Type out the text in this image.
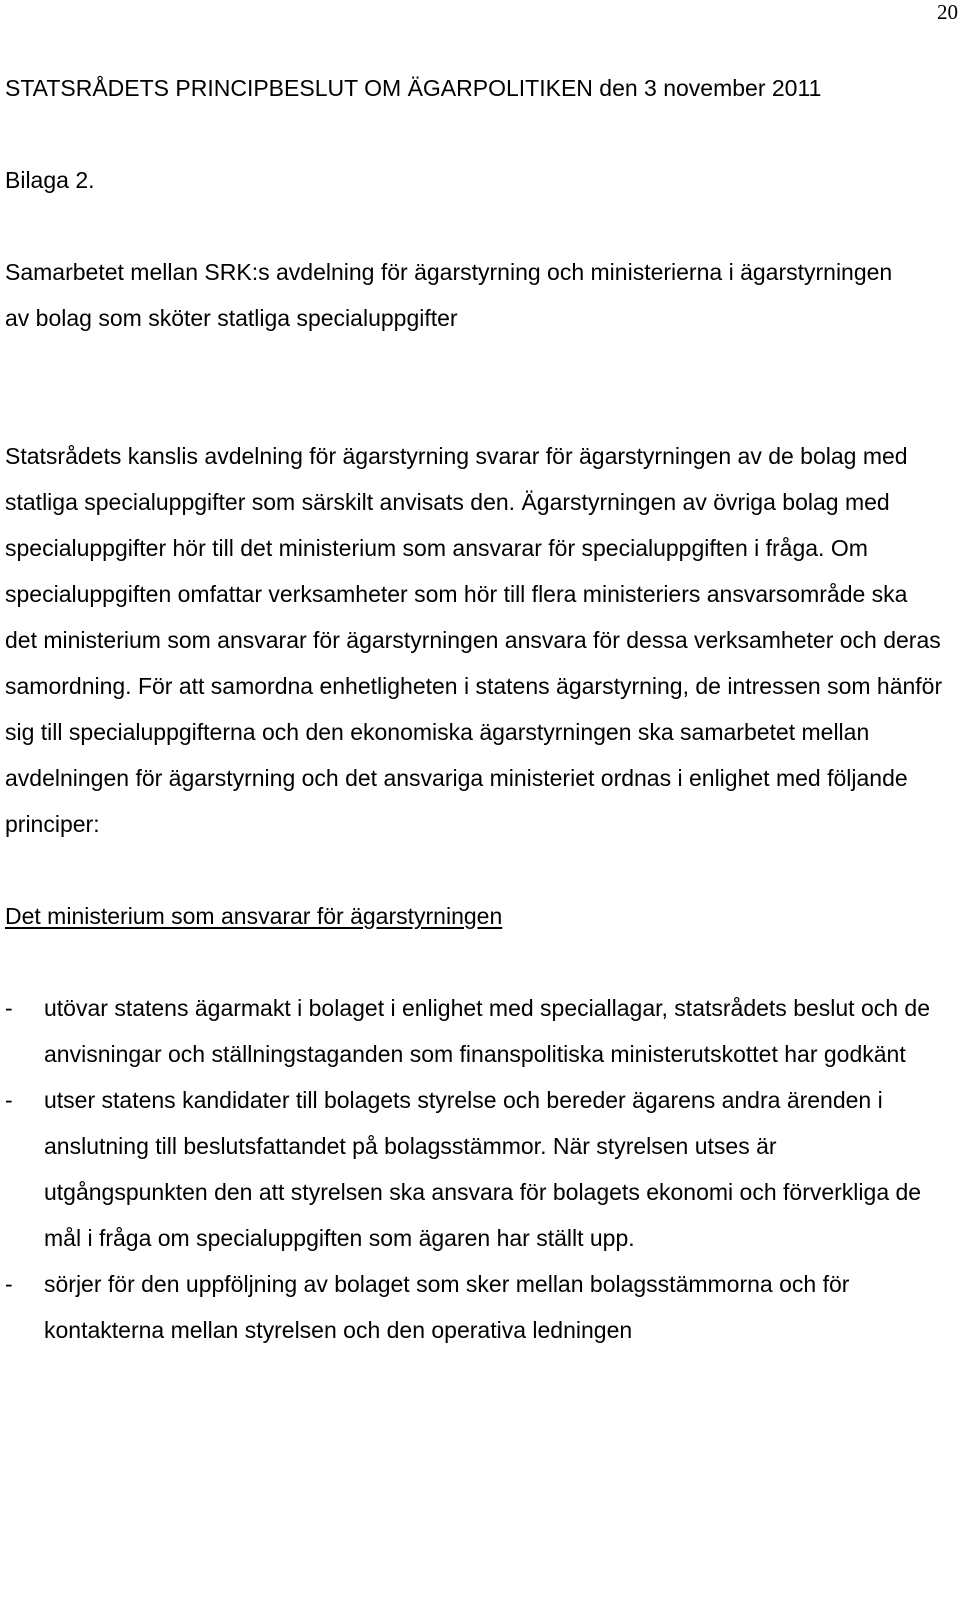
20
STATSRÅDETS PRINCIPBESLUT OM ÄGARPOLITIKEN den 3 november 2011
Bilaga 2.
Samarbetet mellan SRK:s avdelning för ägarstyrning och ministerierna i ägarstyrningen av bolag som sköter statliga specialuppgifter
Statsrådets kanslis avdelning för ägarstyrning svarar för ägarstyrningen av de bolag med statliga specialuppgifter som särskilt anvisats den. Ägarstyrningen av övriga bolag med specialuppgifter hör till det ministerium som ansvarar för specialuppgiften i fråga. Om specialuppgiften omfattar verksamheter som hör till flera ministeriers ansvarsområde ska det ministerium som ansvarar för ägarstyrningen ansvara för dessa verksamheter och deras samordning. För att samordna enhetligheten i statens ägarstyrning, de intressen som hänför sig till specialuppgifterna och den ekonomiska ägarstyrningen ska samarbetet mellan avdelningen för ägarstyrning och det ansvariga ministeriet ordnas i enlighet med följande principer:
Det ministerium som ansvarar för ägarstyrningen
- utövar statens ägarmakt i bolaget i enlighet med speciallagar, statsrådets beslut och de anvisningar och ställningstaganden som finanspolitiska ministerutskottet har godkänt
- utser statens kandidater till bolagets styrelse och bereder ägarens andra ärenden i anslutning till beslutsfattandet på bolagsstämmor. När styrelsen utses är utgångspunkten den att styrelsen ska ansvara för bolagets ekonomi och förverkliga de mål i fråga om specialuppgiften som ägaren har ställt upp.
- sörjer för den uppföljning av bolaget som sker mellan bolagsstämmorna och för kontakterna mellan styrelsen och den operativa ledningen
